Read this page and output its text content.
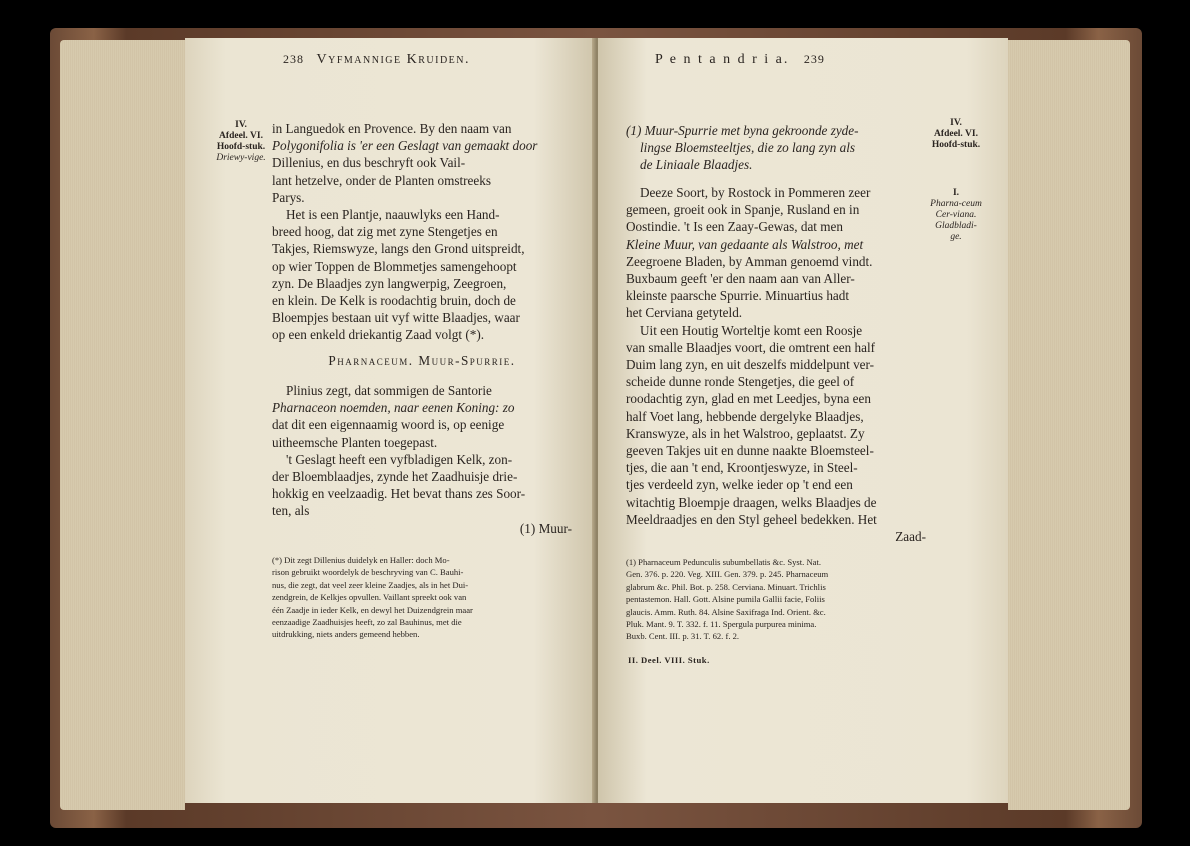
238 Vyfmannige Kruiden.
IV.
Afdeel. VI.
Hoofd-stuk.
Driewy-vige.

in Languedok en Provence. By den naam van

Polygonifolia is 'er een Geslagt van gemaakt door

Dillenius, en dus beschryft ook Vail-

lant hetzelve, onder de Planten omstreeks

Parys.

Het is een Plantje, naauwlyks een Hand-

breed hoog, dat zig met zyne Stengetjes en

Takjes, Riemswyze, langs den Grond uitspreidt,

op wier Toppen de Blommetjes samengehoopt

zyn. De Blaadjes zyn langwerpig, Zeegroen,

en klein. De Kelk is roodachtig bruin, doch de

Bloempjes bestaan uit vyf witte Blaadjes, waar

op een enkeld driekantig Zaad volgt (*).

Pharnaceum. Muur-Spurrie.

Plinius zegt, dat sommigen de Santorie

Pharnaceon noemden, naar eenen Koning: zo

dat dit een eigennaamig woord is, op eenige

uitheemsche Planten toegepast.

't Geslagt heeft een vyfbladigen Kelk, zon-

der Bloemblaadjes, zynde het Zaadhuisje drie-

hokkig en veelzaadig. Het bevat thans zes Soor-

ten, als

(1) Muur-

(*) Dit zegt Dillenius duidelyk en Haller: doch Mo-

rison gebruikt woordelyk de beschryving van C. Bauhi-

nus, die zegt, dat veel zeer kleine Zaadjes, als in het Dui-

zendgrein, de Kelkjes opvullen. Vaillant spreekt ook van

één Zaadje in ieder Kelk, en dewyl het Duizendgrein maar

eenzaadige Zaadhuisjes heeft, zo zal Bauhinus, met die

uitdrukking, niets anders gemeend hebben.

P e n t a n d r i a. 239
IV.
Afdeel. VI.
Hoofd-stuk.
I.
Pharna-ceum Cer-viana.
Gladbladi-ge.

(1) Muur-Spurrie met byna gekroonde zyde-

lingse Bloemsteeltjes, die zo lang zyn als

de Liniaale Blaadjes.

Deeze Soort, by Rostock in Pommeren zeer

gemeen, groeit ook in Spanje, Rusland en in

Oostindie. 't Is een Zaay-Gewas, dat men

Kleine Muur, van gedaante als Walstroo, met

Zeegroene Bladen, by Amman genoemd vindt.

Buxbaum geeft 'er den naam aan van Aller-

kleinste paarsche Spurrie. Minuartius hadt

het Cerviana getyteld.

Uit een Houtig Worteltje komt een Roosje

van smalle Blaadjes voort, die omtrent een half

Duim lang zyn, en uit deszelfs middelpunt ver-

scheide dunne ronde Stengetjes, die geel of

roodachtig zyn, glad en met Leedjes, byna een

half Voet lang, hebbende dergelyke Blaadjes,

Kranswyze, als in het Walstroo, geplaatst. Zy

geeven Takjes uit en dunne naakte Bloemsteel-

tjes, die aan 't end, Kroontjeswyze, in Steel-

tjes verdeeld zyn, welke ieder op 't end een

witachtig Bloempje draagen, welks Blaadjes de

Meeldraadjes en den Styl geheel bedekken. Het

Zaad-

(1) Pharnaceum Pedunculis subumbellatis &c. Syst. Nat.

Gen. 376. p. 220. Veg. XIII. Gen. 379. p. 245. Pharnaceum

glabrum &c. Phil. Bot. p. 258. Cerviana. Minuart. Trichlis

pentastemon. Hall. Gott. Alsine pumila Gallii facie, Foliis

glaucis. Amm. Ruth. 84. Alsine Saxifraga Ind. Orient. &c.

Pluk. Mant. 9. T. 332. f. 11. Spergula purpurea minima.

Buxb. Cent. III. p. 31. T. 62. f. 2.

II. Deel. VIII. Stuk.
